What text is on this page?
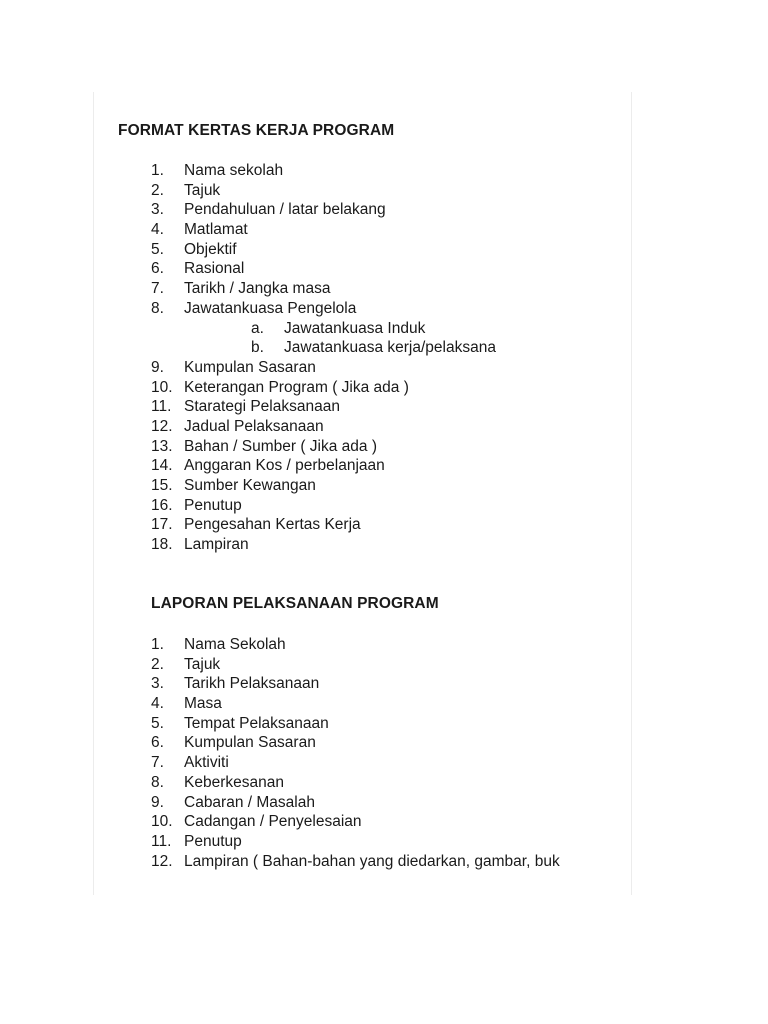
FORMAT KERTAS KERJA PROGRAM
1. Nama sekolah
2. Tajuk
3. Pendahuluan / latar belakang
4. Matlamat
5. Objektif
6. Rasional
7. Tarikh / Jangka masa
8. Jawatankuasa Pengelola
a. Jawatankuasa Induk
b. Jawatankuasa kerja/pelaksana
9. Kumpulan Sasaran
10. Keterangan Program ( Jika ada )
11. Starategi Pelaksanaan
12. Jadual Pelaksanaan
13. Bahan / Sumber ( Jika ada )
14. Anggaran Kos / perbelanjaan
15. Sumber Kewangan
16. Penutup
17. Pengesahan Kertas Kerja
18. Lampiran
LAPORAN PELAKSANAAN PROGRAM
1. Nama Sekolah
2. Tajuk
3. Tarikh Pelaksanaan
4. Masa
5. Tempat Pelaksanaan
6. Kumpulan Sasaran
7. Aktiviti
8. Keberkesanan
9. Cabaran / Masalah
10. Cadangan / Penyelesaian
11. Penutup
12. Lampiran ( Bahan-bahan yang diedarkan, gambar, buk
